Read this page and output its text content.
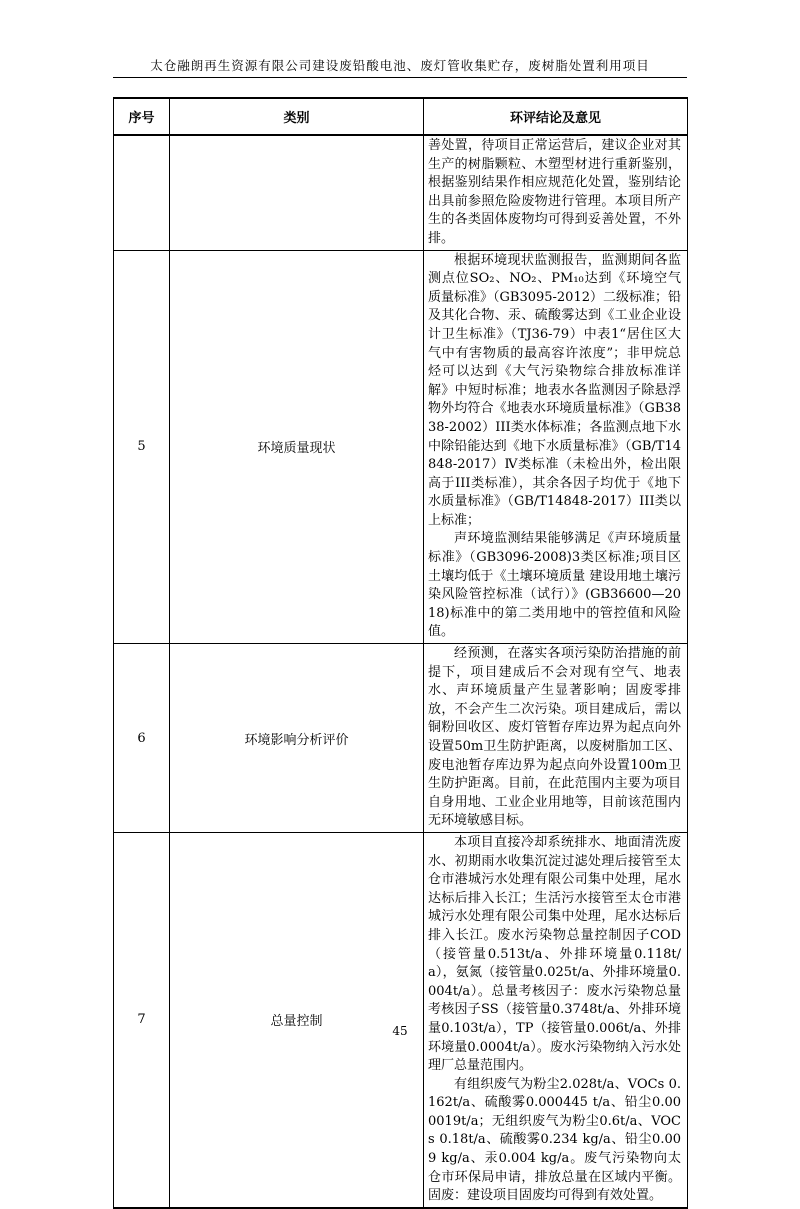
太仓融朗再生资源有限公司建设废铅酸电池、废灯管收集贮存，废树脂处置利用项目
序号	类别	环评结论及意见

		善处置，待项目正常运营后，建议企业对其生产的树脂颗粒、木塑型材进行重新鉴别，根据鉴别结果作相应规范化处置，鉴别结论出具前参照危险废物进行管理。本项目所产生的各类固体废物均可得到妥善处置，不外排。

5	环境质量现状	根据环境现状监测报告，监测期间各监测点位SO₂、NO₂、PM₁₀达到《环境空气质量标准》（GB3095-2012）二级标准；铅及其化合物、汞、硫酸雾达到《工业企业设计卫生标准》（TJ36-79）中表1“居住区大气中有害物质的最高容许浓度”；非甲烷总烃可以达到《大气污染物综合排放标准详解》中短时标准；地表水各监测因子除悬浮物外均符合《地表水环境质量标准》（GB3838-2002）III类水体标准；各监测点地下水中除铅能达到《地下水质量标准》（GB/T14848-2017）Ⅳ类标准（未检出外，检出限高于III类标准），其余各因子均优于《地下水质量标准》（GB/T14848-2017）III类以上标准；

声环境监测结果能够满足《声环境质量标准》（GB3096-2008)3类区标准;项目区土壤均低于《土壤环境质量 建设用地土壤污染风险管控标准（试行）》(GB36600—2018)标准中的第二类用地中的管控值和风险值。

6	环境影响分析评价	经预测，在落实各项污染防治措施的前提下，项目建成后不会对现有空气、地表水、声环境质量产生显著影响；固废零排放，不会产生二次污染。项目建成后，需以铜粉回收区、废灯管暂存库边界为起点向外设置50m卫生防护距离，以废树脂加工区、废电池暂存库边界为起点向外设置100m卫生防护距离。目前，在此范围内主要为项目自身用地、工业企业用地等，目前该范围内无环境敏感目标。

7	总量控制	本项目直接冷却系统排水、地面清洗废水、初期雨水收集沉淀过滤处理后接管至太仓市港城污水处理有限公司集中处理，尾水达标后排入长江；生活污水接管至太仓市港城污水处理有限公司集中处理，尾水达标后排入长江。废水污染物总量控制因子COD（接管量0.513t/a、外排环境量0.118t/a），氨氮（接管量0.025t/a、外排环境量0.004t/a）。总量考核因子：废水污染物总量考核因子SS（接管量0.3748t/a、外排环境量0.103t/a），TP（接管量0.006t/a、外排环境量0.0004t/a）。废水污染物纳入污水处理厂总量范围内。

有组织废气为粉尘2.028t/a、VOCs 0.162t/a、硫酸雾0.000445 t/a、铅尘0.000019t/a；无组织废气为粉尘0.6t/a、VOCs 0.18t/a、硫酸雾0.234 kg/a、铅尘0.009 kg/a、汞0.004 kg/a。废气污染物向太仓市环保局申请，排放总量在区域内平衡。固废：建设项目固废均可得到有效处置。

45
